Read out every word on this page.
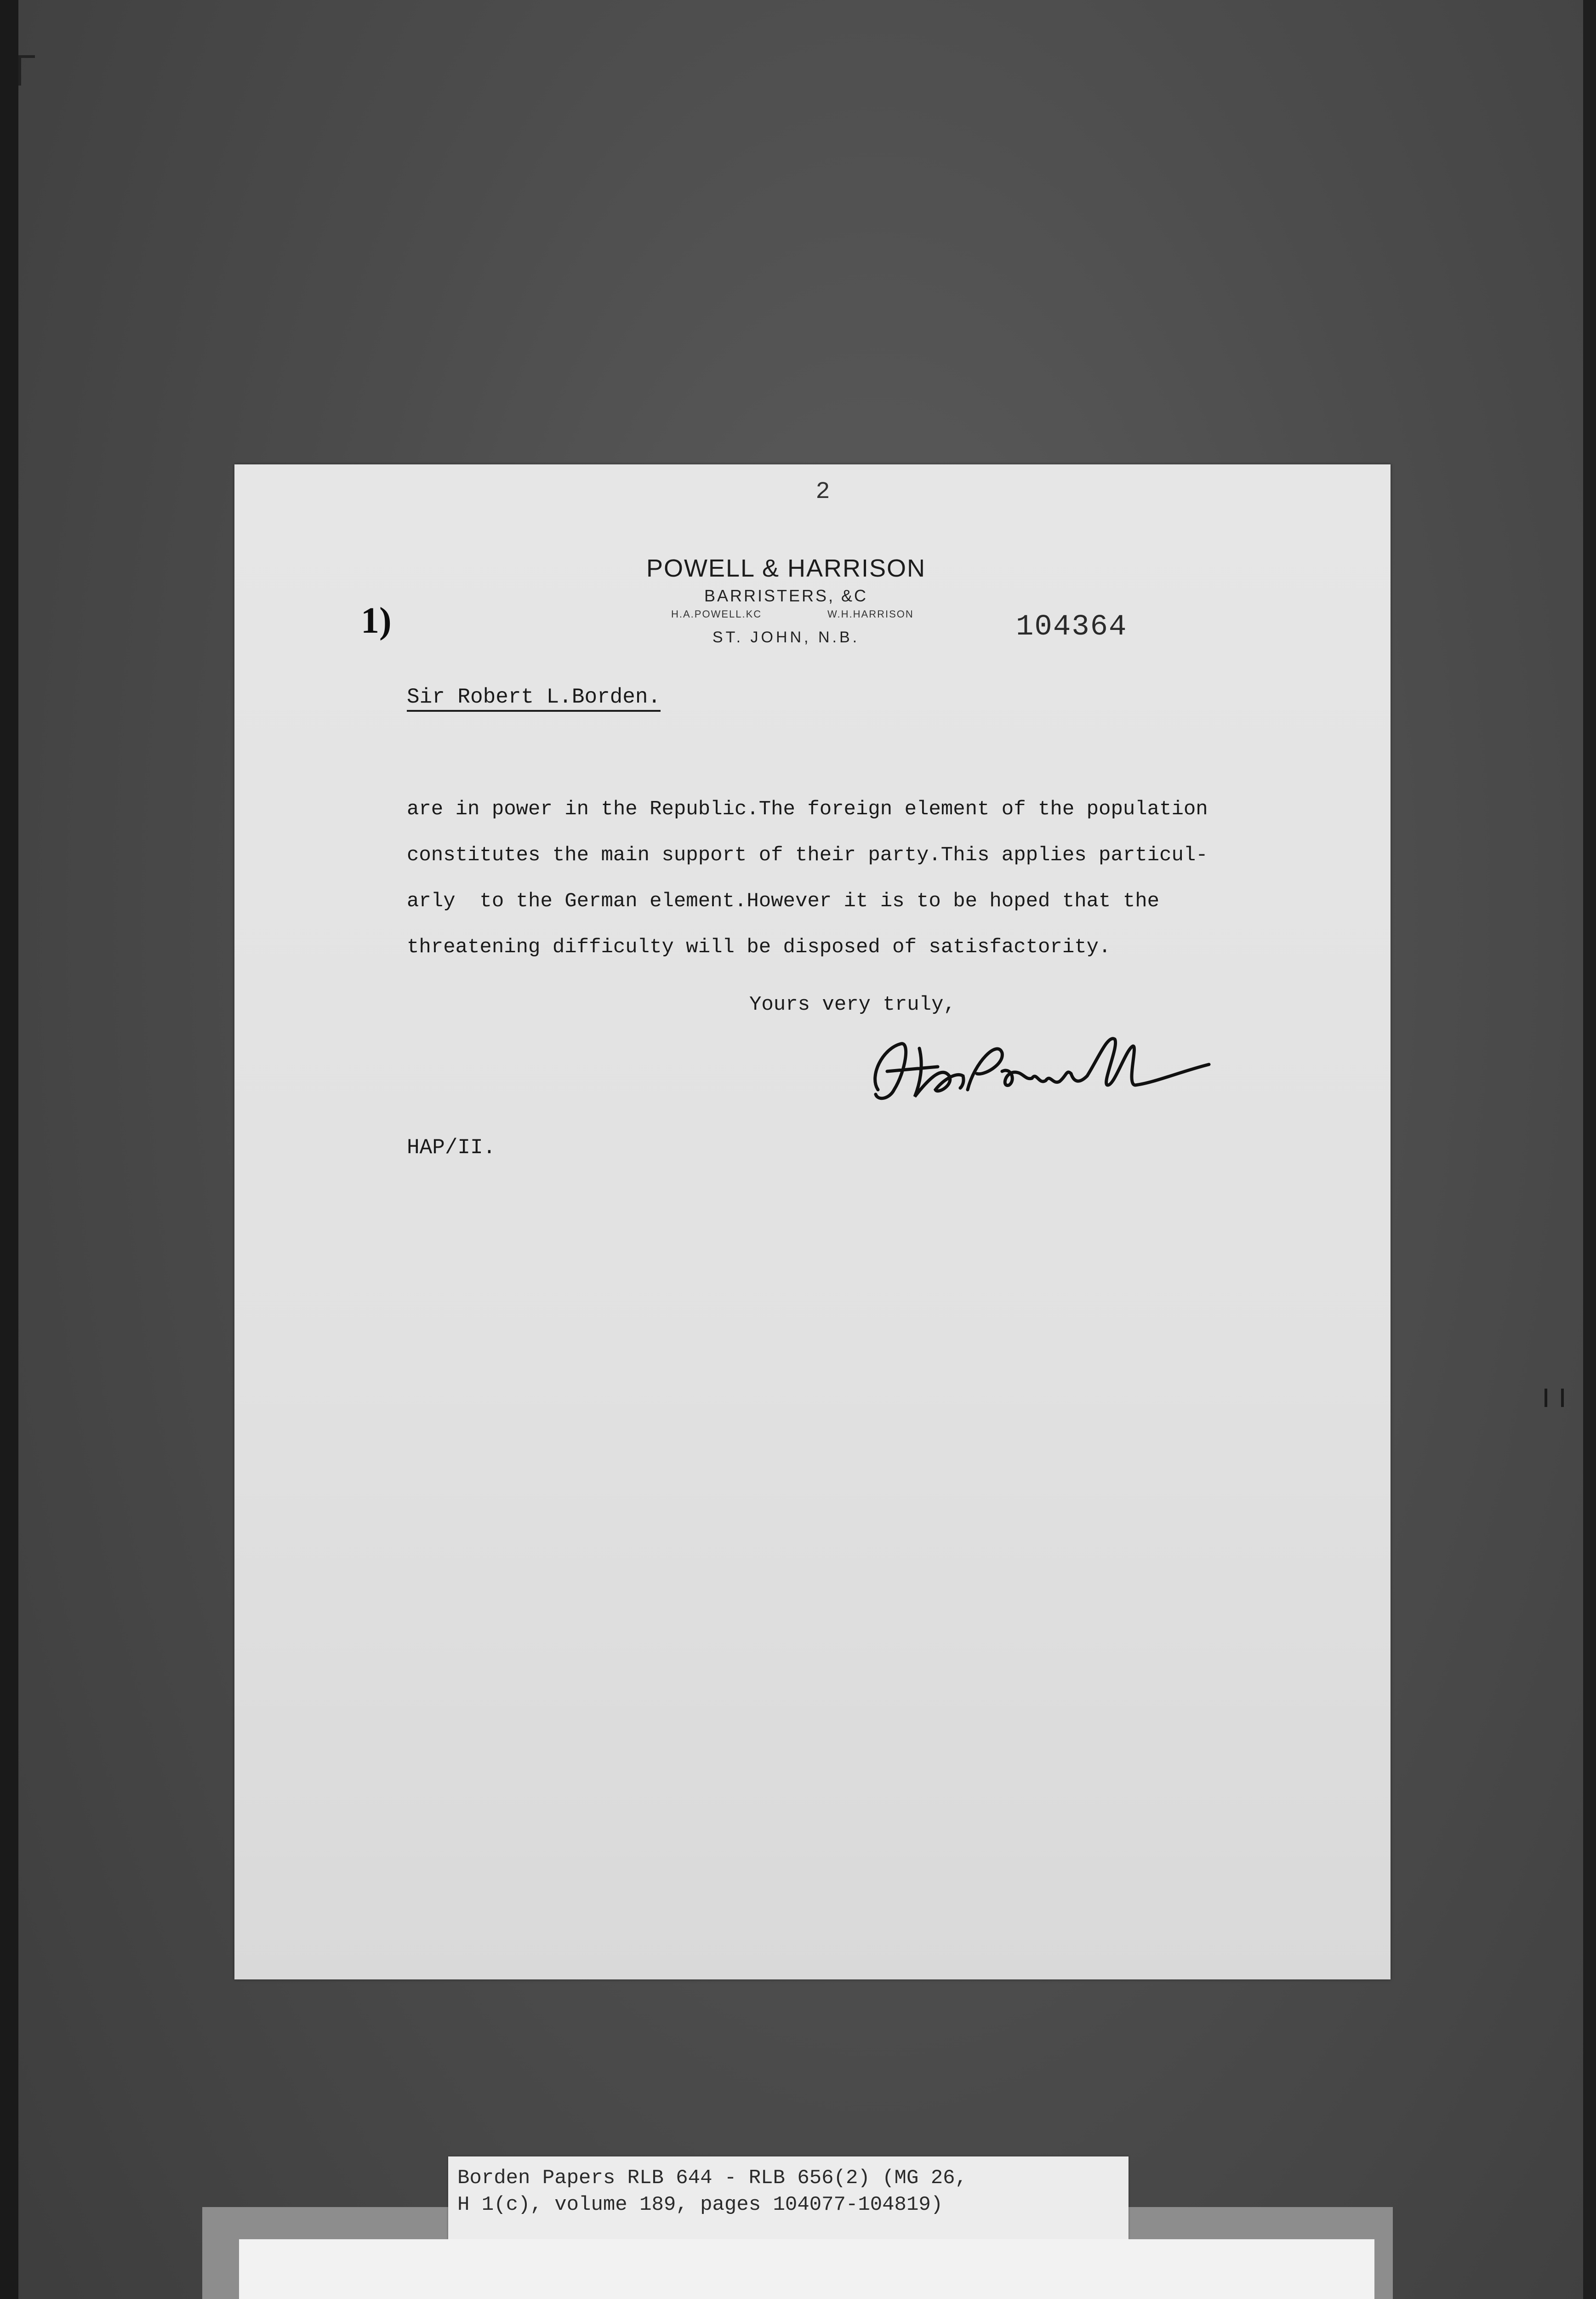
2
POWELL & HARRISON
BARRISTERS, &C
H.A.POWELL.KC	W.H.HARRISON
ST. JOHN, N.B.	104364
1)
Sir Robert L.Borden.
are in power in the Republic.The foreign element of the population
constitutes the main support of their party.This applies particul-
arly  to the German element.However it is to be hoped that the
threatening difficulty will be disposed of satisfactority.
Yours very truly,
HAP/II.
Borden Papers RLB 644 - RLB 656(2) (MG 26,
H 1(c), volume 189, pages 104077-104819)
